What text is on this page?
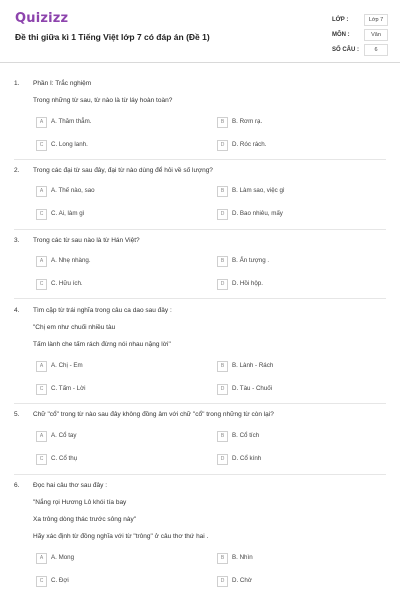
Quizizz
Đề thi giữa kì 1 Tiếng Việt lớp 7 có đáp án (Đề 1)
LỚP :	Lớp 7
MÔN :	Văn
SỐ CÂU :	6
1. Phần I: Trắc nghiệm
Trong những từ sau, từ nào là từ láy hoàn toàn?
A	A. Thăm thẳm.	B	B. Rơm rạ.
C	C. Long lanh.	D	D. Róc rách.
2. Trong các đại từ sau đây, đại từ nào dùng để hỏi về số lượng?
A	A. Thế nào, sao	B	B. Làm sao, việc gì
C	C. Ai, làm gì	D	D. Bao nhiêu, mấy
3. Trong các từ sau nào là từ Hán Việt?
A	A. Nhẹ nhàng.	B	B. Ấn tượng .
C	C. Hữu ích.	D	D. Hồi hộp.
4. Tìm cặp từ trái nghĩa trong câu ca dao sau đây :
"Chị em như chuối nhiều tàu
Tấm lành che tấm rách đừng nói nhau nặng lời"
A	A. Chị - Em	B	B. Lành - Rách
C	C. Tấm - Lời	D	D. Tàu - Chuối
5. Chữ "cổ" trong từ nào sau đây không đồng âm với chữ "cổ" trong những từ còn lại?
A	A. Cổ tay	B	B. Cổ tích
C	C. Cổ thụ	D	D. Cổ kính
6. Đọc hai câu thơ sau đây :
"Nắng rọi Hương Lô khói tía bay
Xa trông dòng thác trước sông này"
Hãy xác định từ đồng nghĩa với từ "trông" ở câu thơ thứ hai .
A	A. Mong	B	B. Nhìn
C	C. Đợi	D	D. Chờ
